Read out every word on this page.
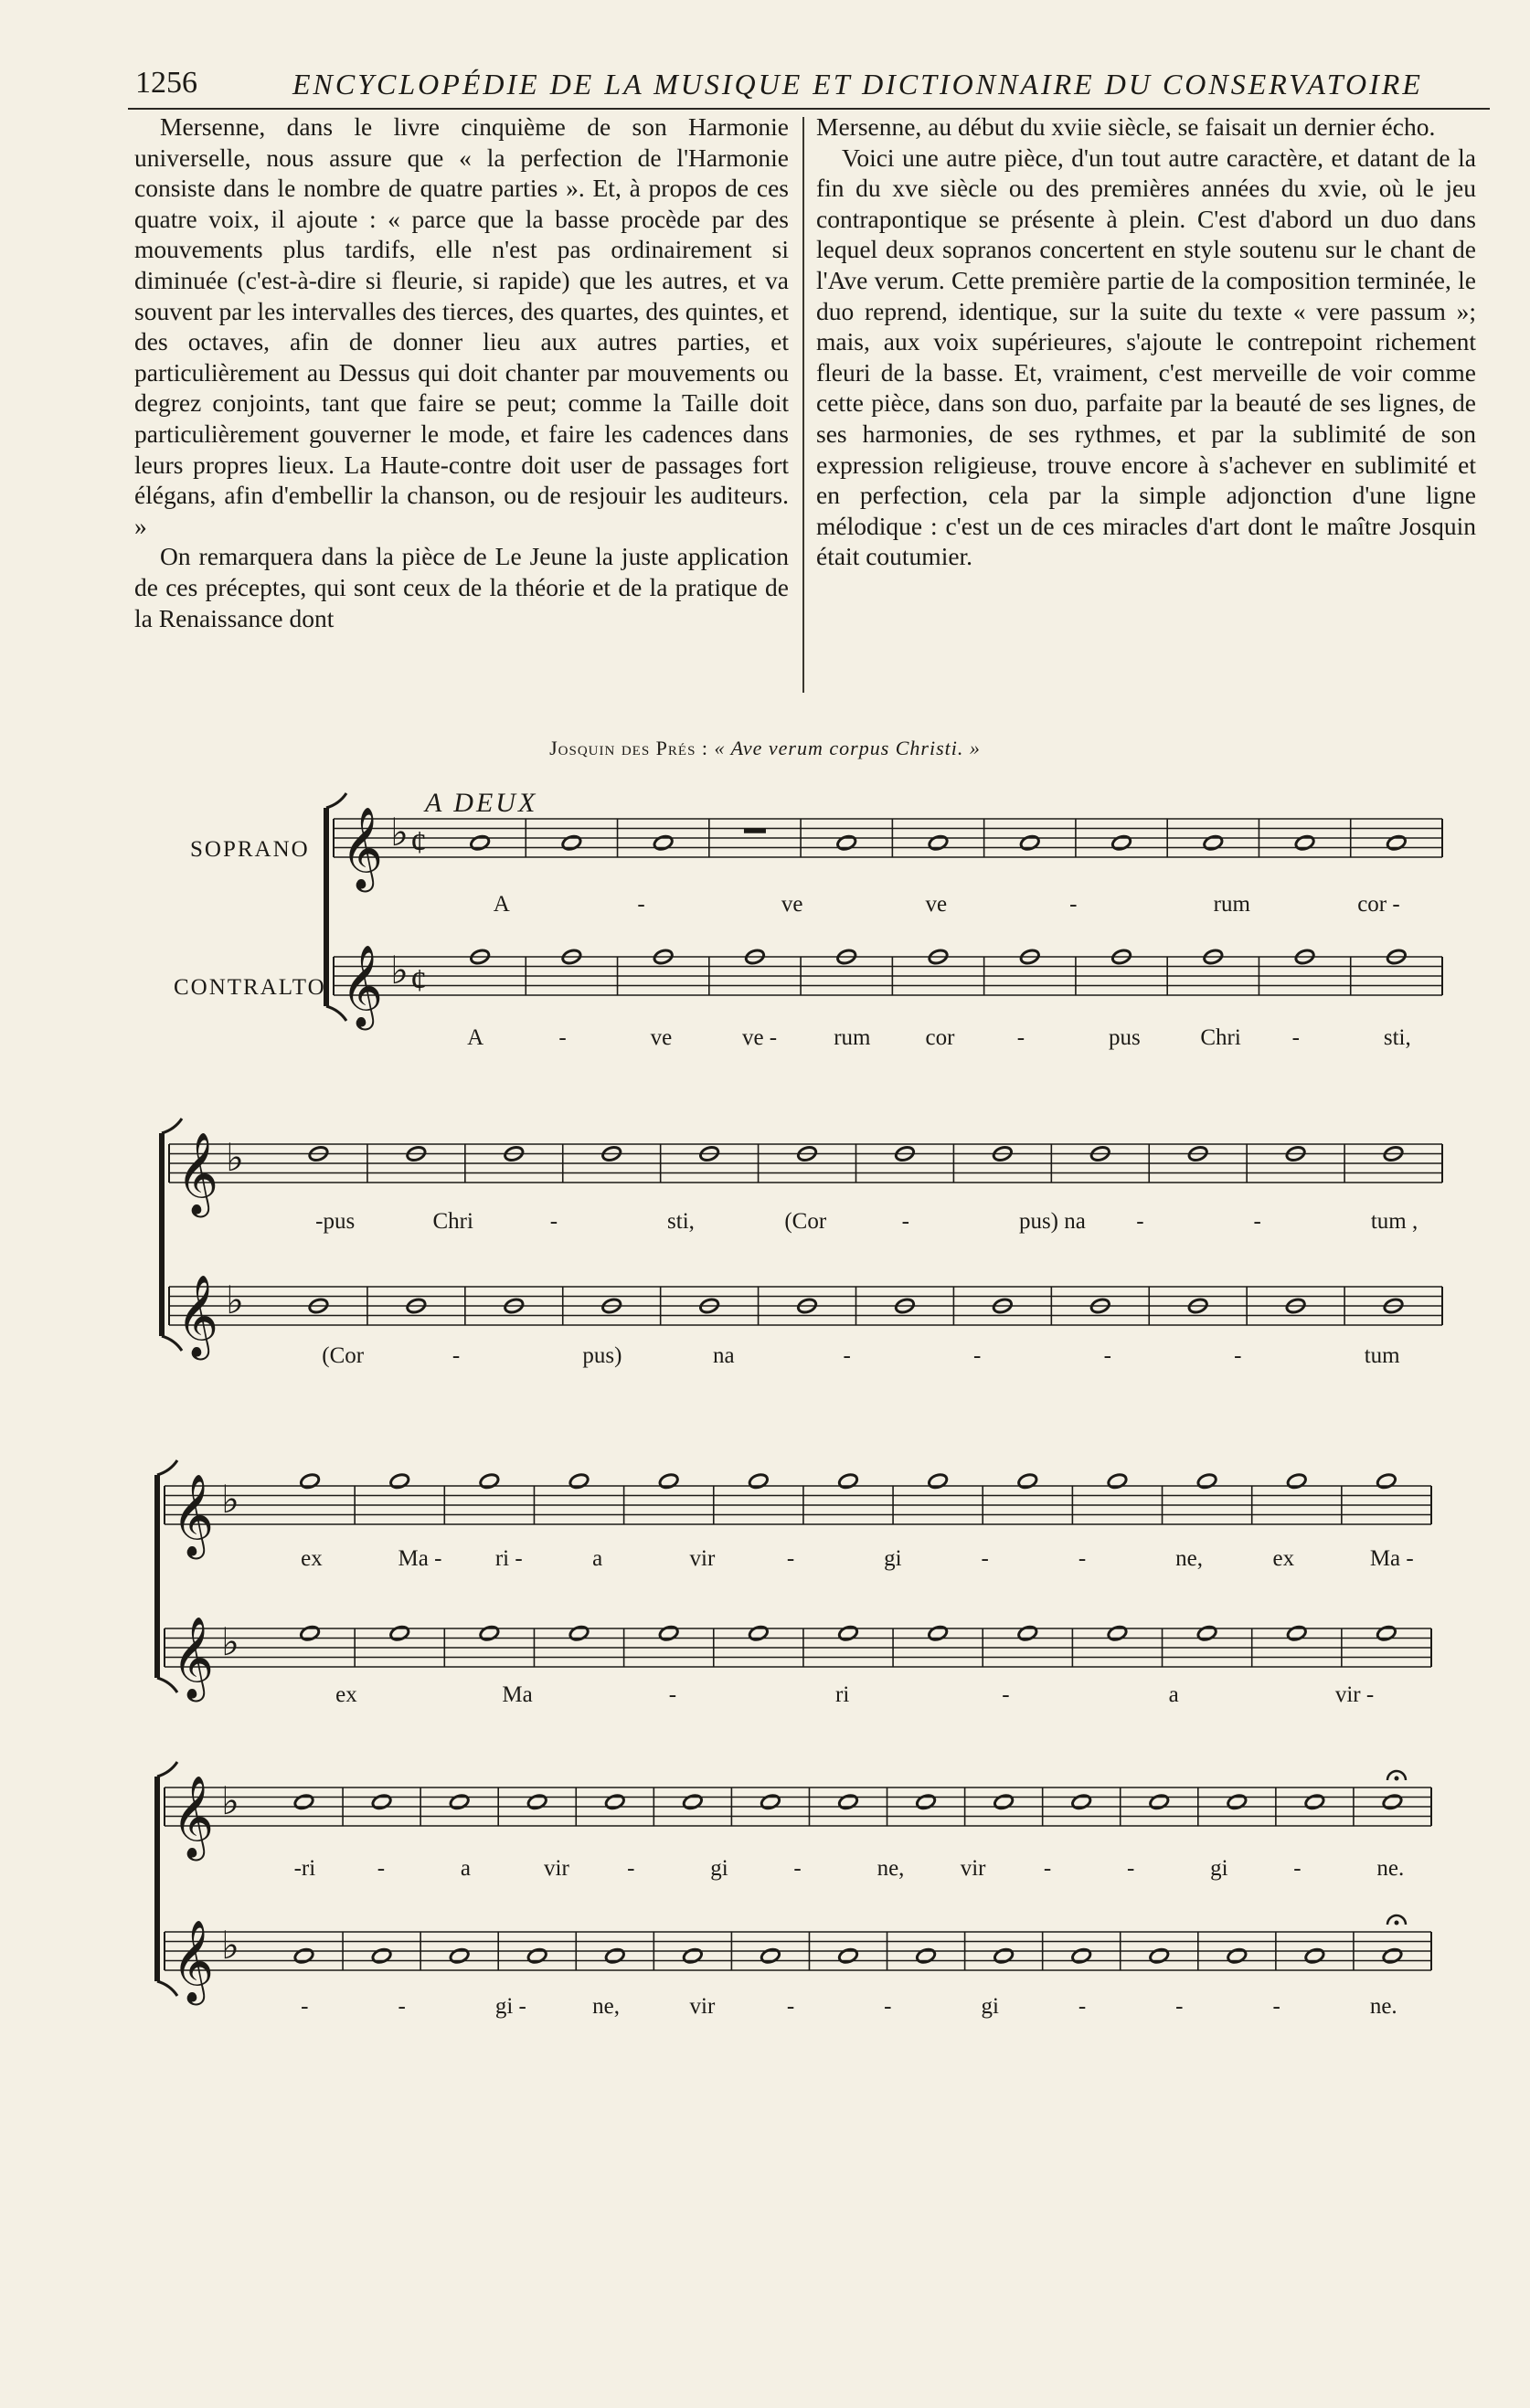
1256	ENCYCLOPÉDIE DE LA MUSIQUE ET DICTIONNAIRE DU CONSERVATOIRE

Mersenne, dans le livre cinquième de son Harmonie universelle, nous assure que « la perfection de l'Harmonie consiste dans le nombre de quatre parties ». Et, à propos de ces quatre voix, il ajoute : « parce que la basse procède par des mouvements plus tardifs, elle n'est pas ordinairement si diminuée (c'est-à-dire si fleurie, si rapide) que les autres, et va souvent par les intervalles des tierces, des quartes, des quintes, et des octaves, afin de donner lieu aux autres parties, et particulièrement au Dessus qui doit chanter par mouvements ou degrez conjoints, tant que faire se peut; comme la Taille doit particulièrement gouverner le mode, et faire les cadences dans leurs propres lieux. La Haute-contre doit user de passages fort élégans, afin d'embellir la chanson, ou de resjouir les auditeurs. »

On remarquera dans la pièce de Le Jeune la juste application de ces préceptes, qui sont ceux de la théorie et de la pratique de la Renaissance dont

Mersenne, au début du xviie siècle, se faisait un dernier écho.

Voici une autre pièce, d'un tout autre caractère, et datant de la fin du xve siècle ou des premières années du xvie, où le jeu contrapontique se présente à plein. C'est d'abord un duo dans lequel deux sopranos concertent en style soutenu sur le chant de l'Ave verum. Cette première partie de la composition terminée, le duo reprend, identique, sur la suite du texte « vere passum »; mais, aux voix supérieures, s'ajoute le contrepoint richement fleuri de la basse. Et, vraiment, c'est merveille de voir comme cette pièce, dans son duo, parfaite par la beauté de ses lignes, de ses harmonies, de ses rythmes, et par la sublimité de son expression religieuse, trouve encore à s'achever en sublimité et en perfection, cela par la simple adjonction d'une ligne mélodique : c'est un de ces miracles d'art dont le maître Josquin était coutumier.

Josquin des Prés : « Ave verum corpus Christi. »
A DEUX
SOPRANO
CONTRALTO
𝄞 ♭ ¢
A	-	ve	ve	-	rum	cor -
𝄞 ♭ ¢
A	-	ve	ve - rum cor	-	pus	Chri -	sti,
𝄞 ♭
-pus	Chri	-	sti,	(Cor	-	pus) na -	-	tum ,
𝄞 ♭
(Cor	-	pus)	na	-	-	-	-	tum
𝄞 ♭
ex	Ma - ri -	a	vir	-	gi	-	-	ne,	ex	Ma -
𝄞 ♭
ex	Ma	-	ri	-	a	vir -
𝄞 ♭
-ri	-	a	vir	-	gi	-	ne, vir	-	-	gi	-	ne.
𝄞 ♭
-	-	gi -	ne,	vir	-	-	gi	-	-	-	ne.
